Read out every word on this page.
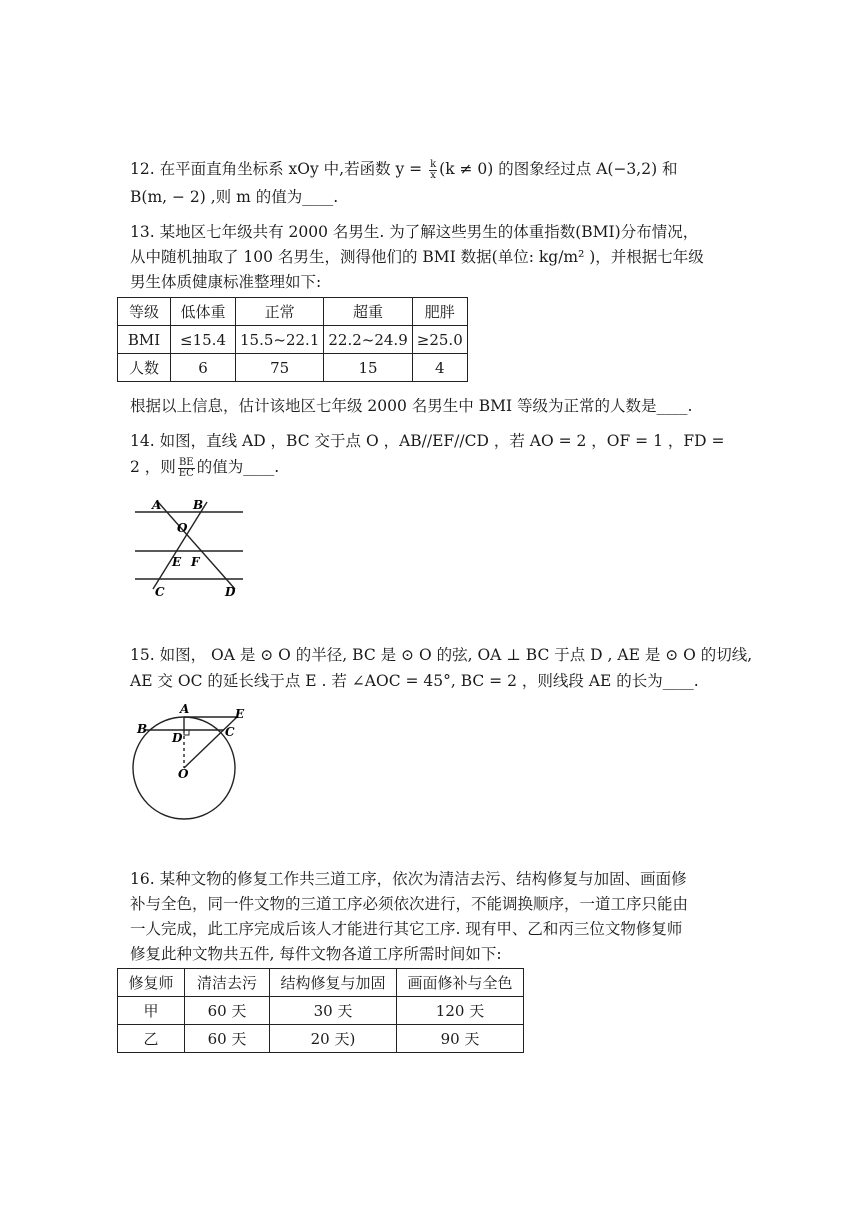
12. 在平面直角坐标系 xOy 中,若函数 $y = \frac{k}{x} (k \ne 0)$ 的图象经过点 A(−3,2) 和
B(m, − 2) ,则 m 的值为____.
13. 某地区七年级共有 2000 名男生. 为了解这些男生的体重指数(BMI)分布情况，
从中随机抽取了 100 名男生，测得他们的 BMI 数据(单位: kg/m² )，并根据七年级
男生体质健康标准整理如下:
等级	低体重	正常	超重	肥胖
BMI	≤15.4	15.5~22.1	22.2~24.9	≥25.0
人数	6	75	15	4
根据以上信息，估计该地区七年级 2000 名男生中 BMI 等级为正常的人数是____.
14. 如图，直线 AD ，BC 交于点 O ，AB//EF//CD ，若 AO = 2 ，OF = 1 ，FD =
2 ，则 $\frac{BE}{EC}$ 的值为____.
A	B
O
E F
C	D
15. 如图， OA 是 ⊙ O 的半径, BC 是 ⊙ O 的弦, OA ⊥ BC 于点 D , AE 是 ⊙ O 的切线,
AE 交 OC 的延长线于点 E . 若 ∠AOC = 45°, BC = 2 ，则线段 AE 的长为____.
A
B	C
D
E
O
16. 某种文物的修复工作共三道工序，依次为清洁去污、结构修复与加固、画面修
补与全色，同一件文物的三道工序必须依次进行，不能调换顺序，一道工序只能由
一人完成，此工序完成后该人才能进行其它工序. 现有甲、乙和丙三位文物修复师
修复此种文物共五件, 每件文物各道工序所需时间如下:
修复师	清洁去污	结构修复与加固	画面修补与全色
甲	60 天	30 天	120 天
乙	60 天	20 天)	90 天
